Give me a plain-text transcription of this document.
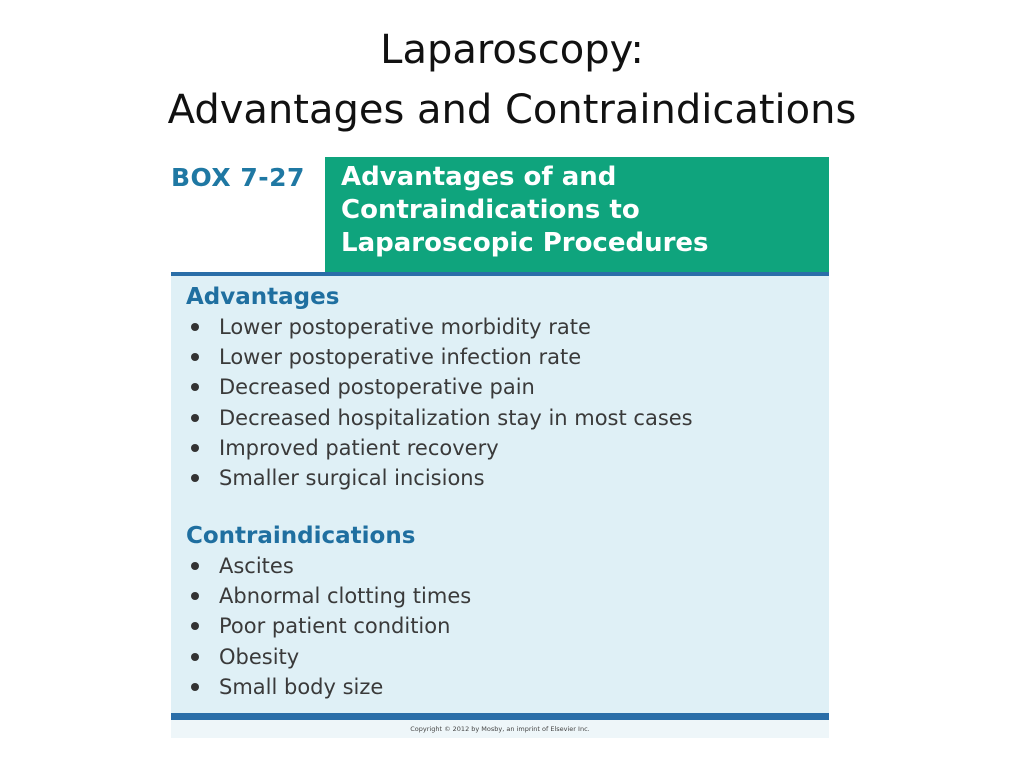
Laparoscopy:
Advantages and Contraindications
BOX 7-27 Advantages of and
Contraindications to
Laparoscopic Procedures
Advantages
Lower postoperative morbidity rate
Lower postoperative infection rate
Decreased postoperative pain
Decreased hospitalization stay in most cases
Improved patient recovery
Smaller surgical incisions
Contraindications
Ascites
Abnormal clotting times
Poor patient condition
Obesity
Small body size
Copyright © 2012 by Mosby, an imprint of Elsevier Inc.
